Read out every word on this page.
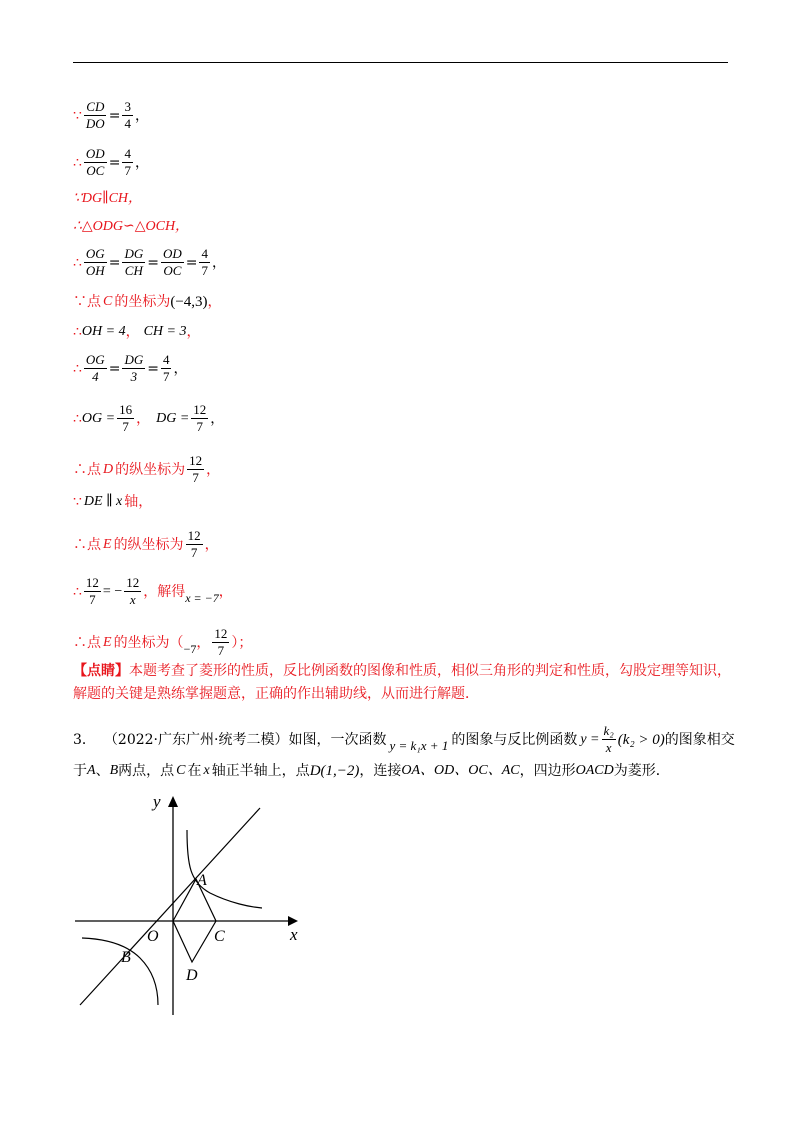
∵ $\frac{CD}{DO} = \frac{3}{4}$ ，
∴ $\frac{OD}{OC} = \frac{4}{7}$ ，
∵DG∥CH，
∴△ODG∽△OCH，
∴ $\frac{OG}{OH} = \frac{DG}{CH} = \frac{OD}{OC} = \frac{4}{7}$ ，
∵点 C 的坐标为 (−4,3) ，
∴ OH = 4 ， CH = 3 ，
∴ $\frac{OG}{4} = \frac{DG}{3} = \frac{4}{7}$ ，
∴ OG = $\frac{16}{7}$ ， DG = $\frac{12}{7}$ ，
∴点 D 的纵坐标为 $\frac{12}{7}$ ，
∵ DE ∥ x 轴，
∴点 E 的纵坐标为 $\frac{12}{7}$ ，
∴ $\frac{12}{7}$ = − $\frac{12}{x}$ ，解得 x = −7 ，
∴点 E 的坐标为（ −7 ， $\frac{12}{7}$ ）；
【点睛】本题考查了菱形的性质，反比例函数的图像和性质，相似三角形的判定和性质，勾股定理等知识，解题的关键是熟练掌握题意，正确的作出辅助线，从而进行解题．
3． （2022·广东广州·统考二模） 如图，一次函数 y = k₁x + 1 的图象与反比例函数 $y = \frac{\text{k₂}}{x} (k_2 > 0)$ 的图象相交
于 A 、 B 两点，点 C 在 x 轴正半轴上，点 D(1,−2) ，连接 OA、OD、OC、AC ，四边形 OACD 为菱形．
y
x
O
A
B
C
D
